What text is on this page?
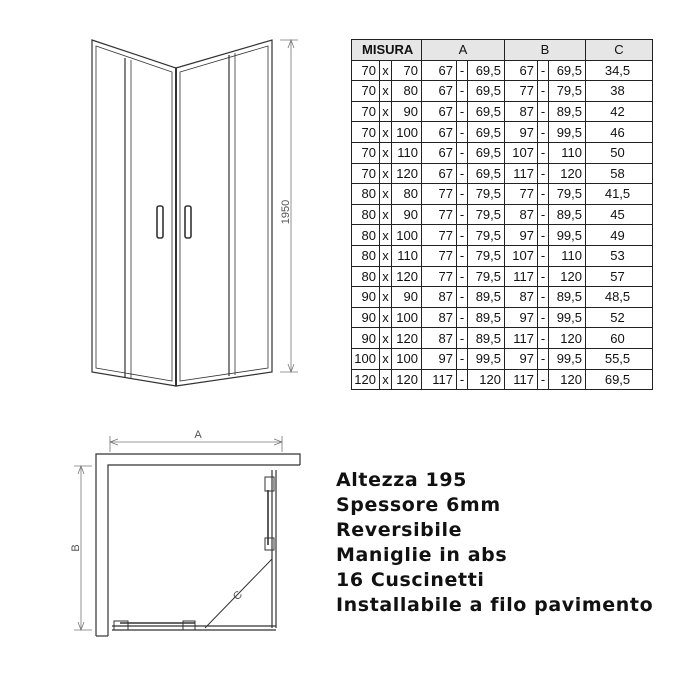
1950
A
B
C
MISURA			A			B			C
70	x	70	67	-	69,5	67	-	69,5	34,5
70	x	80	67	-	69,5	77	-	79,5	38
70	x	90	67	-	69,5	87	-	89,5	42
70	x	100	67	-	69,5	97	-	99,5	46
70	x	110	67	-	69,5	107	-	110	50
70	x	120	67	-	69,5	117	-	120	58
80	x	80	77	-	79,5	77	-	79,5	41,5
80	x	90	77	-	79,5	87	-	89,5	45
80	x	100	77	-	79,5	97	-	99,5	49
80	x	110	77	-	79,5	107	-	110	53
80	x	120	77	-	79,5	117	-	120	57
90	x	90	87	-	89,5	87	-	89,5	48,5
90	x	100	87	-	89,5	97	-	99,5	52
90	x	120	87	-	89,5	117	-	120	60
100	x	100	97	-	99,5	97	-	99,5	55,5
120	x	120	117	-	120	117	-	120	69,5
Altezza 195
Spessore 6mm
Reversibile
Maniglie in abs
16 Cuscinetti
Installabile a filo pavimento
